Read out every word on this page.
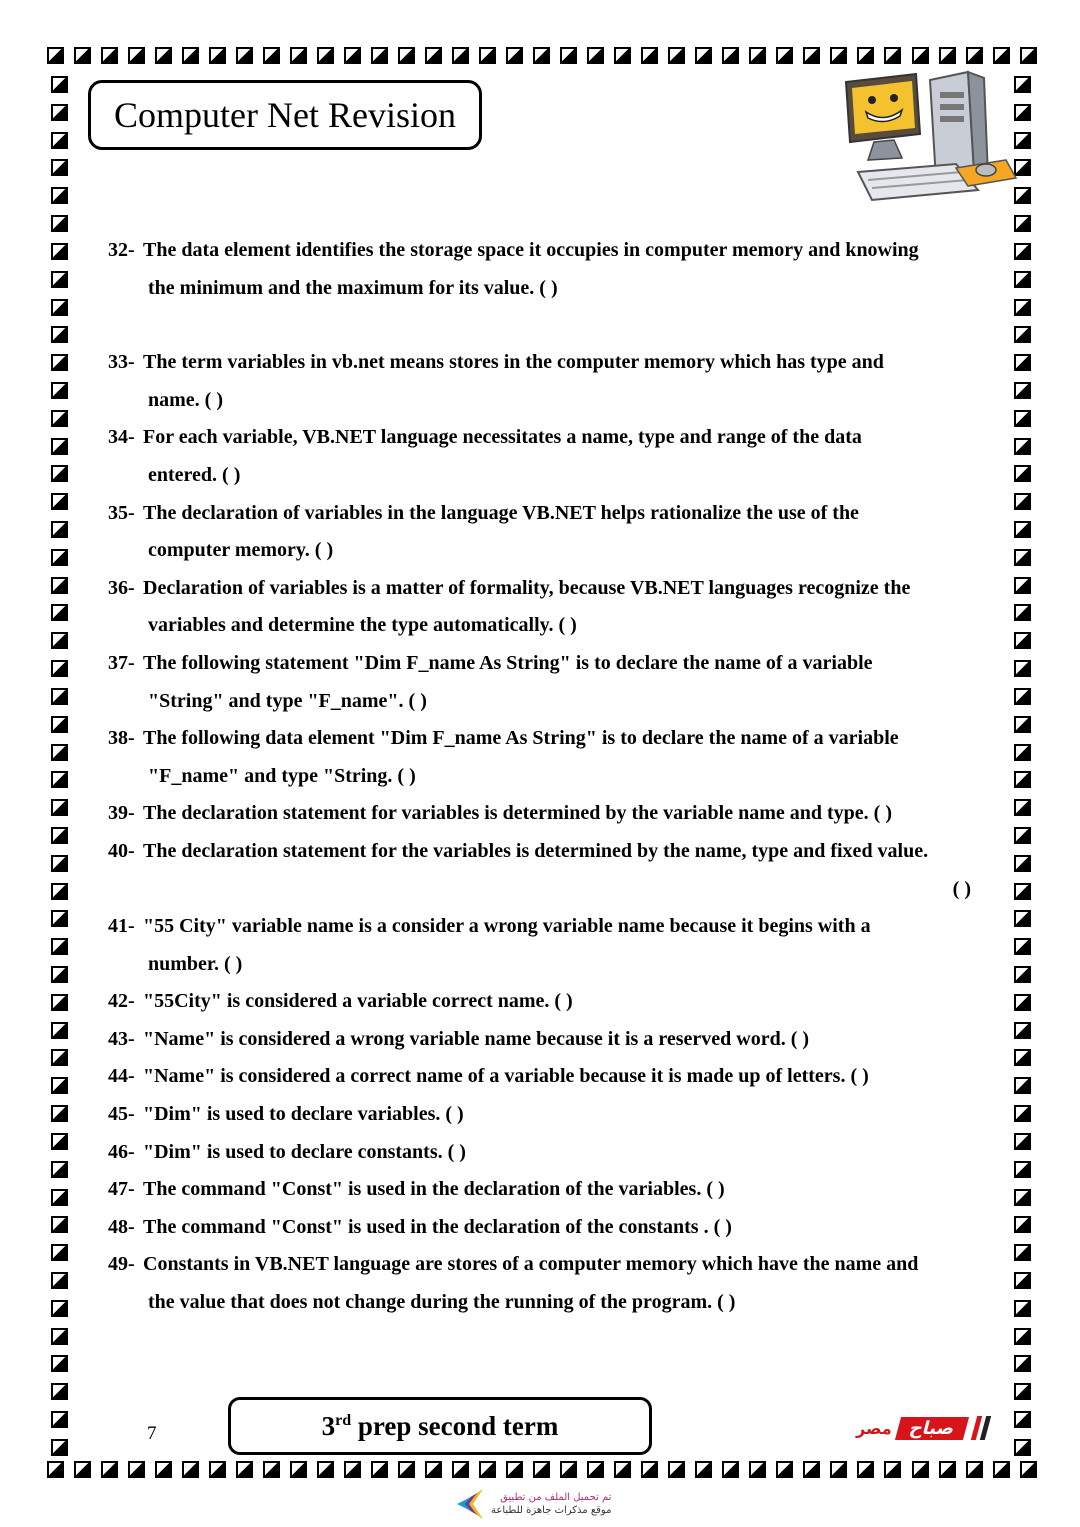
Computer Net Revision
32- The data element identifies the storage space it occupies in computer memory and knowing
the minimum and the maximum for its value. ( )
33- The term variables in vb.net means stores in the computer memory which has type and
name. ( )
34- For each variable, VB.NET language necessitates a name, type and range of the data
entered. ( )
35- The declaration of variables in the language VB.NET helps rationalize the use of the
computer memory. ( )
36- Declaration of variables is a matter of formality, because VB.NET languages recognize the
variables and determine the type automatically. ( )
37- The following statement "Dim F_name As String" is to declare the name of a variable
"String" and type "F_name". ( )
38- The following data element "Dim F_name As String" is to declare the name of a variable
"F_name" and type "String. ( )
39- The declaration statement for variables is determined by the variable name and type. ( )
40- The declaration statement for the variables is determined by the name, type and fixed value.
( )
41- "55 City" variable name is a consider a wrong variable name because it begins with a
number. ( )
42- "55City" is considered a variable correct name. ( )
43- "Name" is considered a wrong variable name because it is a reserved word. ( )
44- "Name" is considered a correct name of a variable because it is made up of letters. ( )
45- "Dim" is used to declare variables. ( )
46- "Dim" is used to declare constants. ( )
47- The command "Const" is used in the declaration of the variables. ( )
48- The command "Const" is used in the declaration of the constants . ( )
49- Constants in VB.NET language are stores of a computer memory which have the name and
the value that does not change during the running of the program. ( )
7	3rd prep second term	مصر صباح
تم تحميل الملف من تطبيق
موقع مذكرات جاهزة للطباعة
